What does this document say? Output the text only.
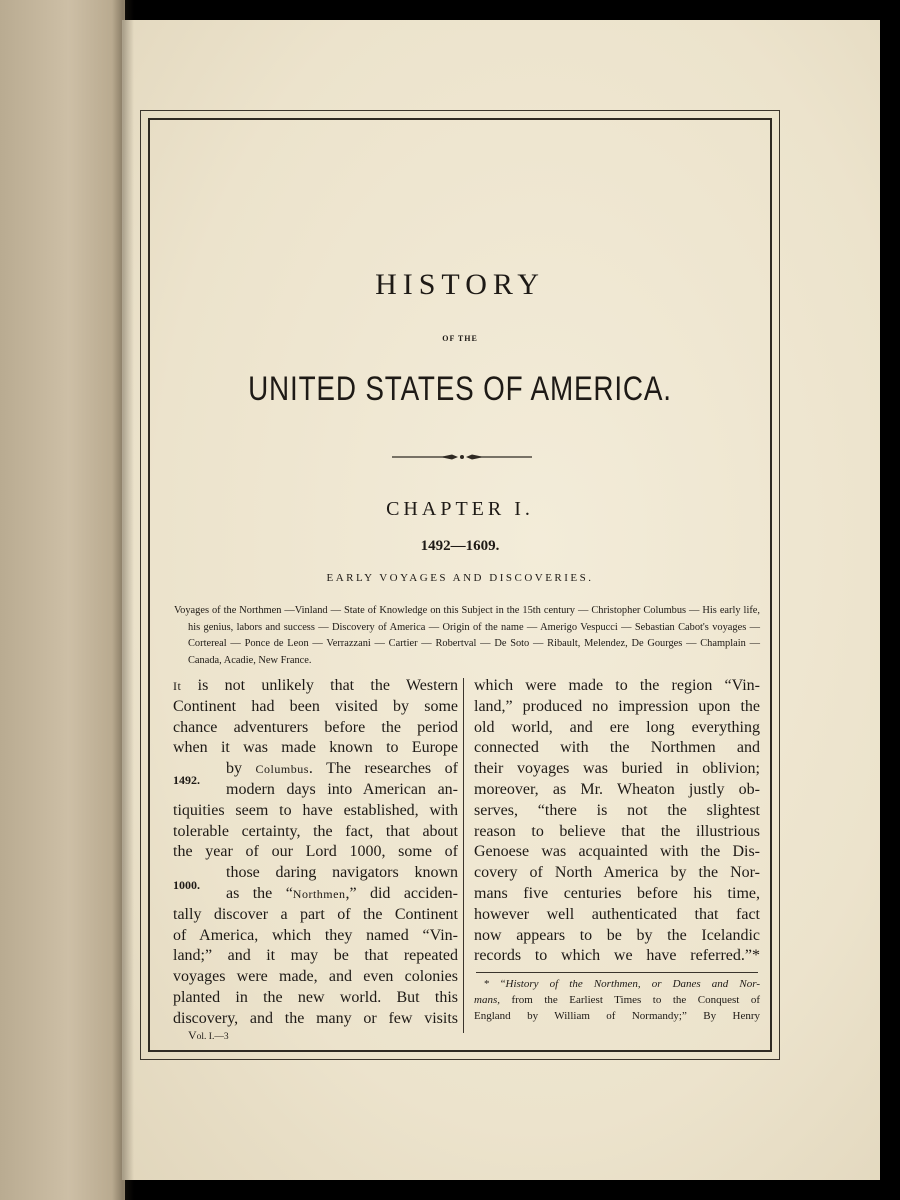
HISTORY
OF THE
UNITED STATES OF AMERICA.
CHAPTER I.
1492—1609.
EARLY VOYAGES AND DISCOVERIES.
Voyages of the Northmen —Vinland — State of Knowledge on this Subject in the 15th century — Christopher Columbus — His early life, his genius, labors and success — Discovery of America — Origin of the name — Amerigo Vespucci — Sebastian Cabot's voyages — Cortereal — Ponce de Leon — Verrazzani — Cartier — Robertval — De Soto — Ribault, Melendez, De Gourges — Champlain — Canada, Acadie, New France.
It is not unlikely that the Western
Continent had been visited by some
chance adventurers before the period
when it was made known to Europe
by Columbus. The researches of
modern days into American an-
tiquities seem to have established, with
tolerable certainty, the fact, that about
the year of our Lord 1000, some of
those daring navigators known
as the “Northmen,” did acciden-
tally discover a part of the Continent
of America, which they named “Vin-
land;” and it may be that repeated
voyages were made, and even colonies
planted in the new world. But this
discovery, and the many or few visits
1492.
1000.
which were made to the region “Vin-
land,” produced no impression upon the
old world, and ere long everything
connected with the Northmen and
their voyages was buried in oblivion;
moreover, as Mr. Wheaton justly ob-
serves, “there is not the slightest
reason to believe that the illustrious
Genoese was acquainted with the Dis-
covery of North America by the Nor-
mans five centuries before his time,
however well authenticated that fact
now appears to be by the Icelandic
records to which we have referred.”*
* “History of the Northmen, or Danes and Nor-
mans, from the Earliest Times to the Conquest of
England by William of Normandy;” By Henry
Vol. I.—3
